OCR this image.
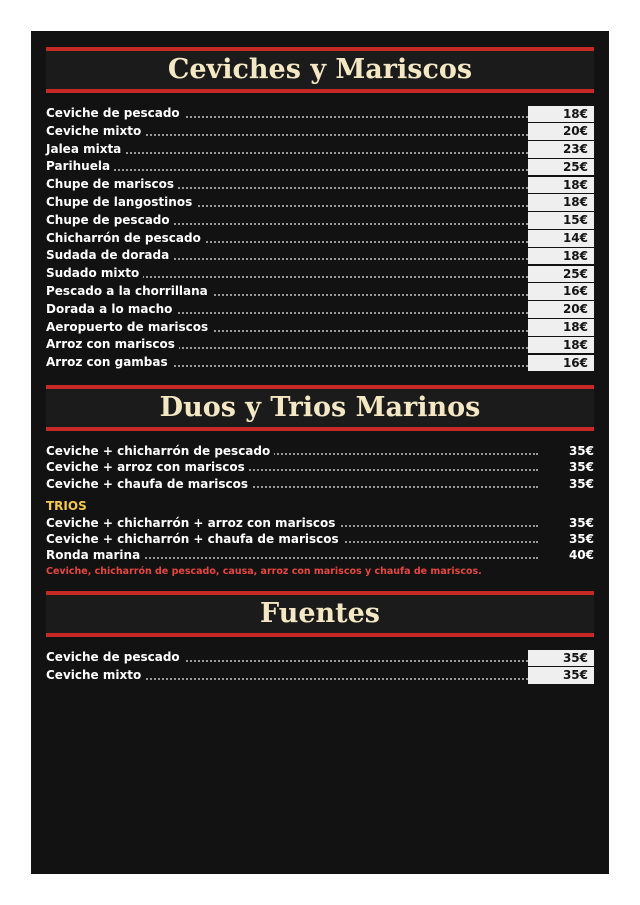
Ceviches y Mariscos
Ceviche de pescado	18€
Ceviche mixto	20€
Jalea mixta	23€
Parihuela	25€
Chupe de mariscos	18€
Chupe de langostinos	18€
Chupe de pescado	15€
Chicharrón de pescado	14€
Sudada de dorada	18€
Sudado mixto	25€
Pescado a la chorrillana	16€
Dorada a lo macho	20€
Aeropuerto de mariscos	18€
Arroz con mariscos	18€
Arroz con gambas	16€
Duos y Trios Marinos
Ceviche + chicharrón de pescado	35€
Ceviche + arroz con mariscos	35€
Ceviche + chaufa de mariscos	35€
TRIOS
Ceviche + chicharrón + arroz con mariscos	35€
Ceviche + chicharrón + chaufa de mariscos	35€
Ronda marina	40€
Ceviche, chicharrón de pescado, causa, arroz con mariscos y chaufa de mariscos.
Fuentes
Ceviche de pescado	35€
Ceviche mixto	35€
